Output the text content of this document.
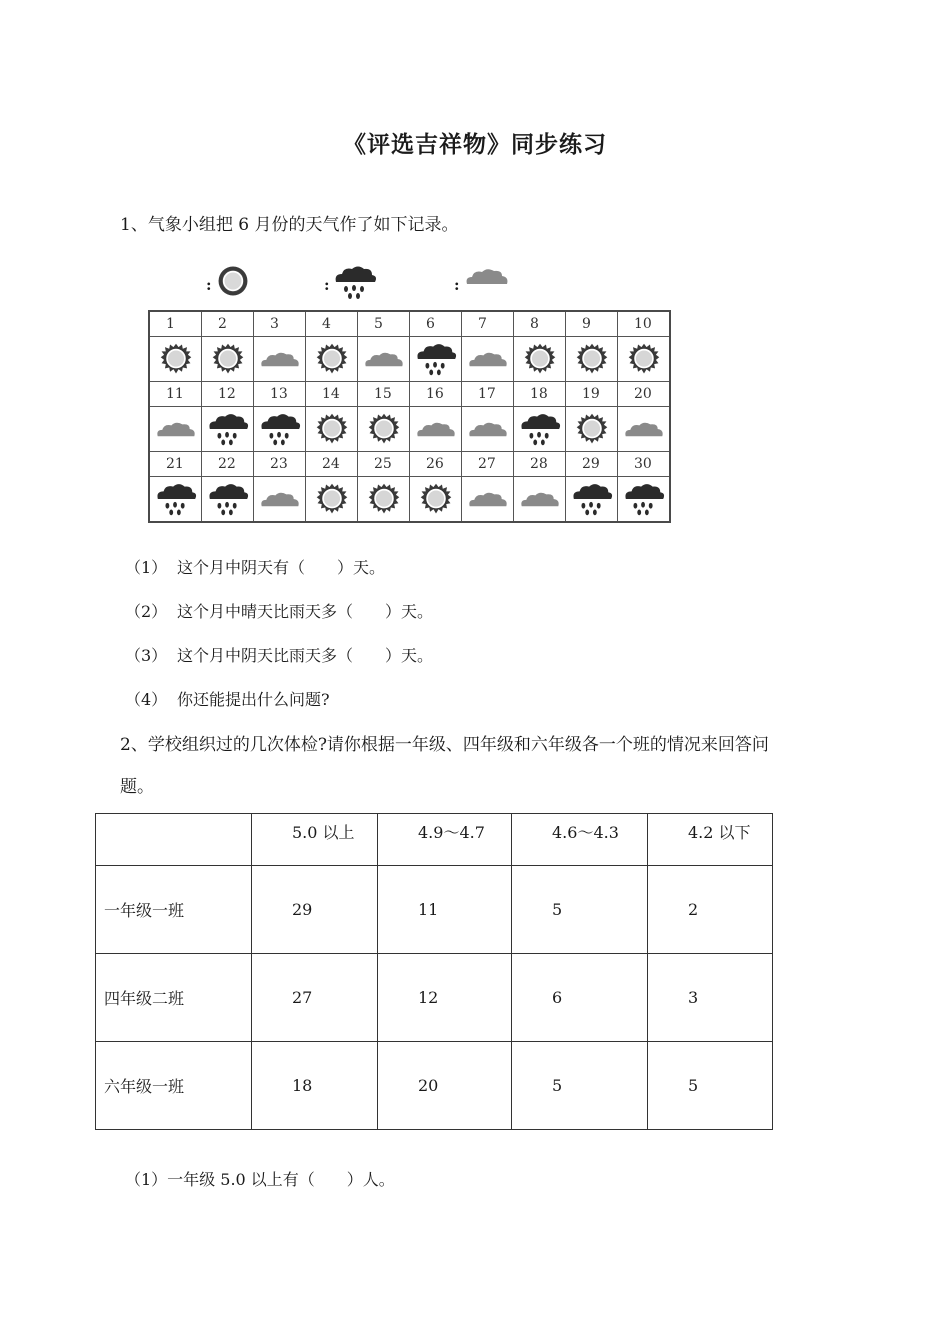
《评选吉祥物》同步练习
1、气象小组把 6 月份的天气作了如下记录。
:	:	:
1	2	3	4	5	6	7	8	9	10

11	12	13	14	15	16	17	18	19	20

21	22	23	24	25	26	27	28	29	30

（1） 这个月中阴天有（　　）天。
（2） 这个月中晴天比雨天多（　　）天。
（3） 这个月中阴天比雨天多（　　）天。
（4） 你还能提出什么问题?
2、学校组织过的几次体检?请你根据一年级、四年级和六年级各一个班的情况来回答问
题。
	5.0 以上	4.9～4.7	4.6～4.3	4.2 以下
一年级一班	29	11	5	2
四年级二班	27	12	6	3
六年级一班	18	20	5	5
（1）一年级 5.0 以上有（　　）人。
